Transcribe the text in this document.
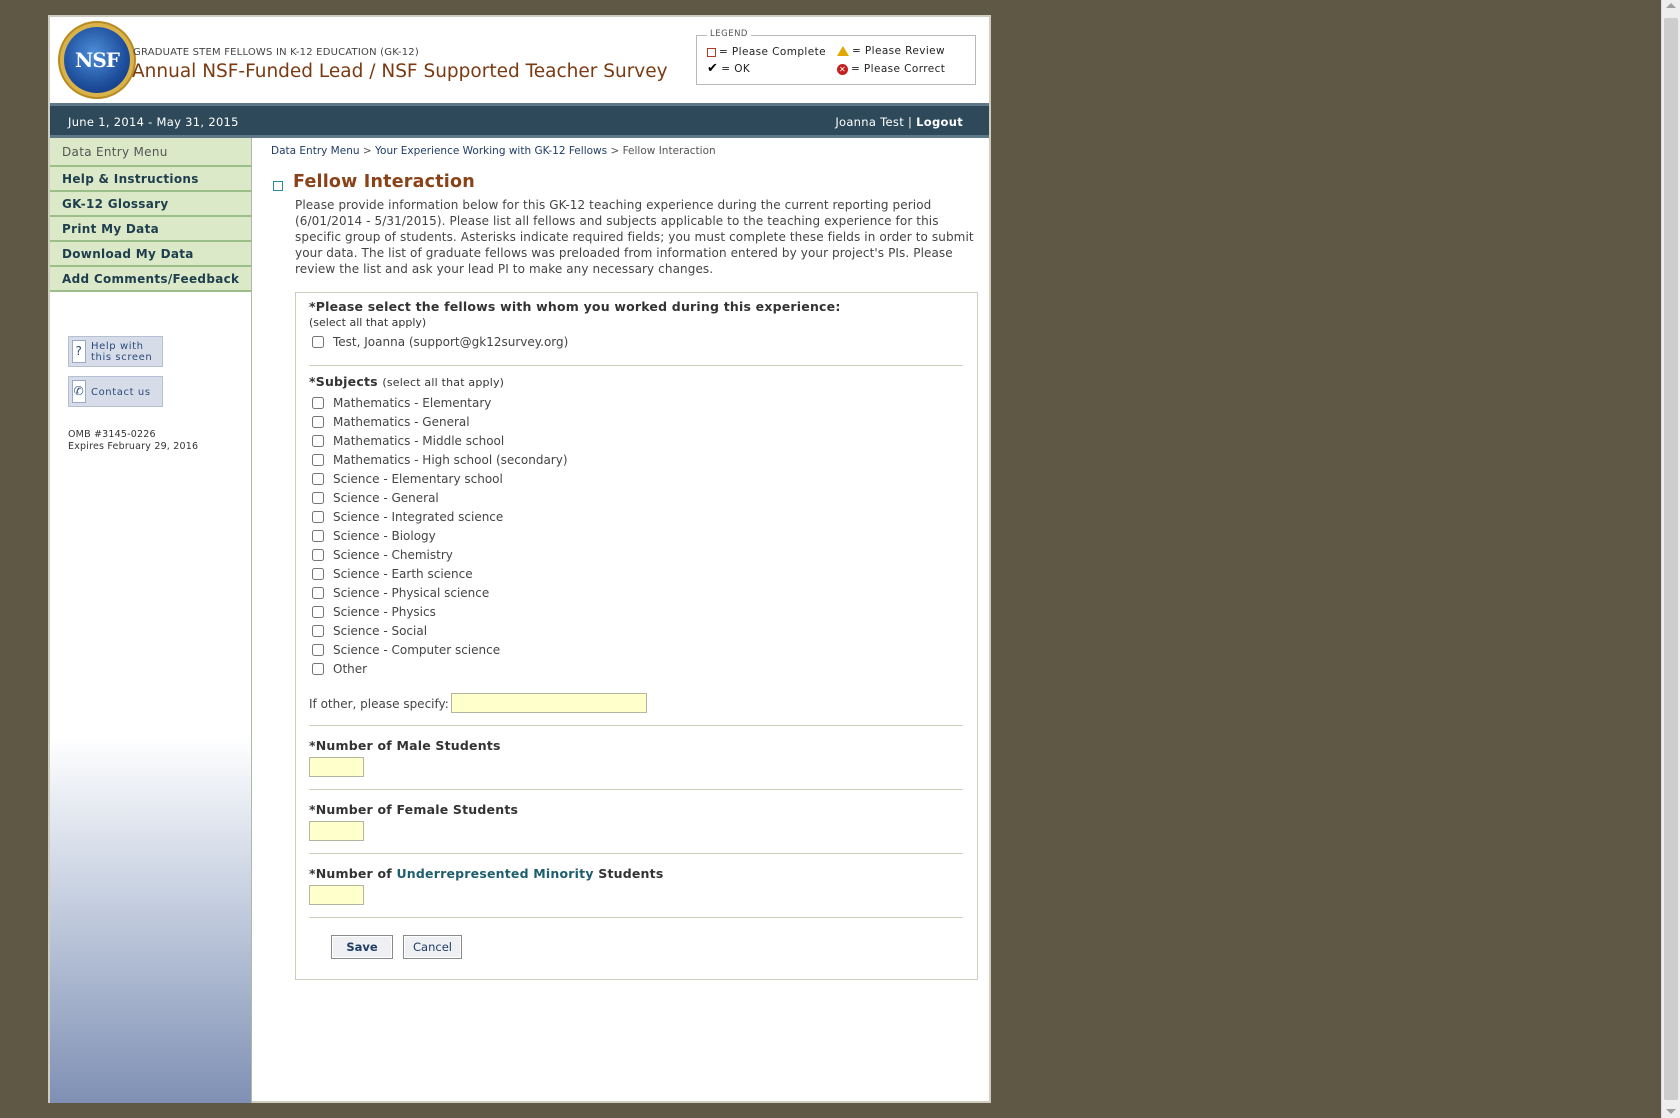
NSF	GRADUATE STEM FELLOWS IN K-12 EDUCATION (GK-12)
Annual NSF-Funded Lead / NSF Supported Teacher Survey
LEGEND
= Please Complete = Please Review
✔ = OK	✕ = Please Correct
June 1, 2014 - May 31, 2015	Joanna Test | Logout
Data Entry Menu
Help & Instructions
GK-12 Glossary
Print My Data
Download My Data
Add Comments/Feedback
? Help with
this screen
✆ Contact us
OMB #3145-0226
Expires February 29, 2016
Data Entry Menu > Your Experience Working with GK-12 Fellows > Fellow Interaction
Fellow Interaction
Please provide information below for this GK-12 teaching experience during the current reporting period (6/01/2014 - 5/31/2015). Please list all fellows and subjects applicable to the teaching experience for this specific group of students. Asterisks indicate required fields; you must complete these fields in order to submit your data. The list of graduate fellows was preloaded from information entered by your project's PIs. Please review the list and ask your lead PI to make any necessary changes.
*Please select the fellows with whom you worked during this experience:
(select all that apply)
Test, Joanna (support@gk12survey.org)
*Subjects (select all that apply)
Mathematics - Elementary
Mathematics - General
Mathematics - Middle school
Mathematics - High school (secondary)
Science - Elementary school
Science - General
Science - Integrated science
Science - Biology
Science - Chemistry
Science - Earth science
Science - Physical science
Science - Physics
Science - Social
Science - Computer science
Other
If other, please specify:
*Number of Male Students
*Number of Female Students
*Number of Underrepresented Minority Students
Save	Cancel
